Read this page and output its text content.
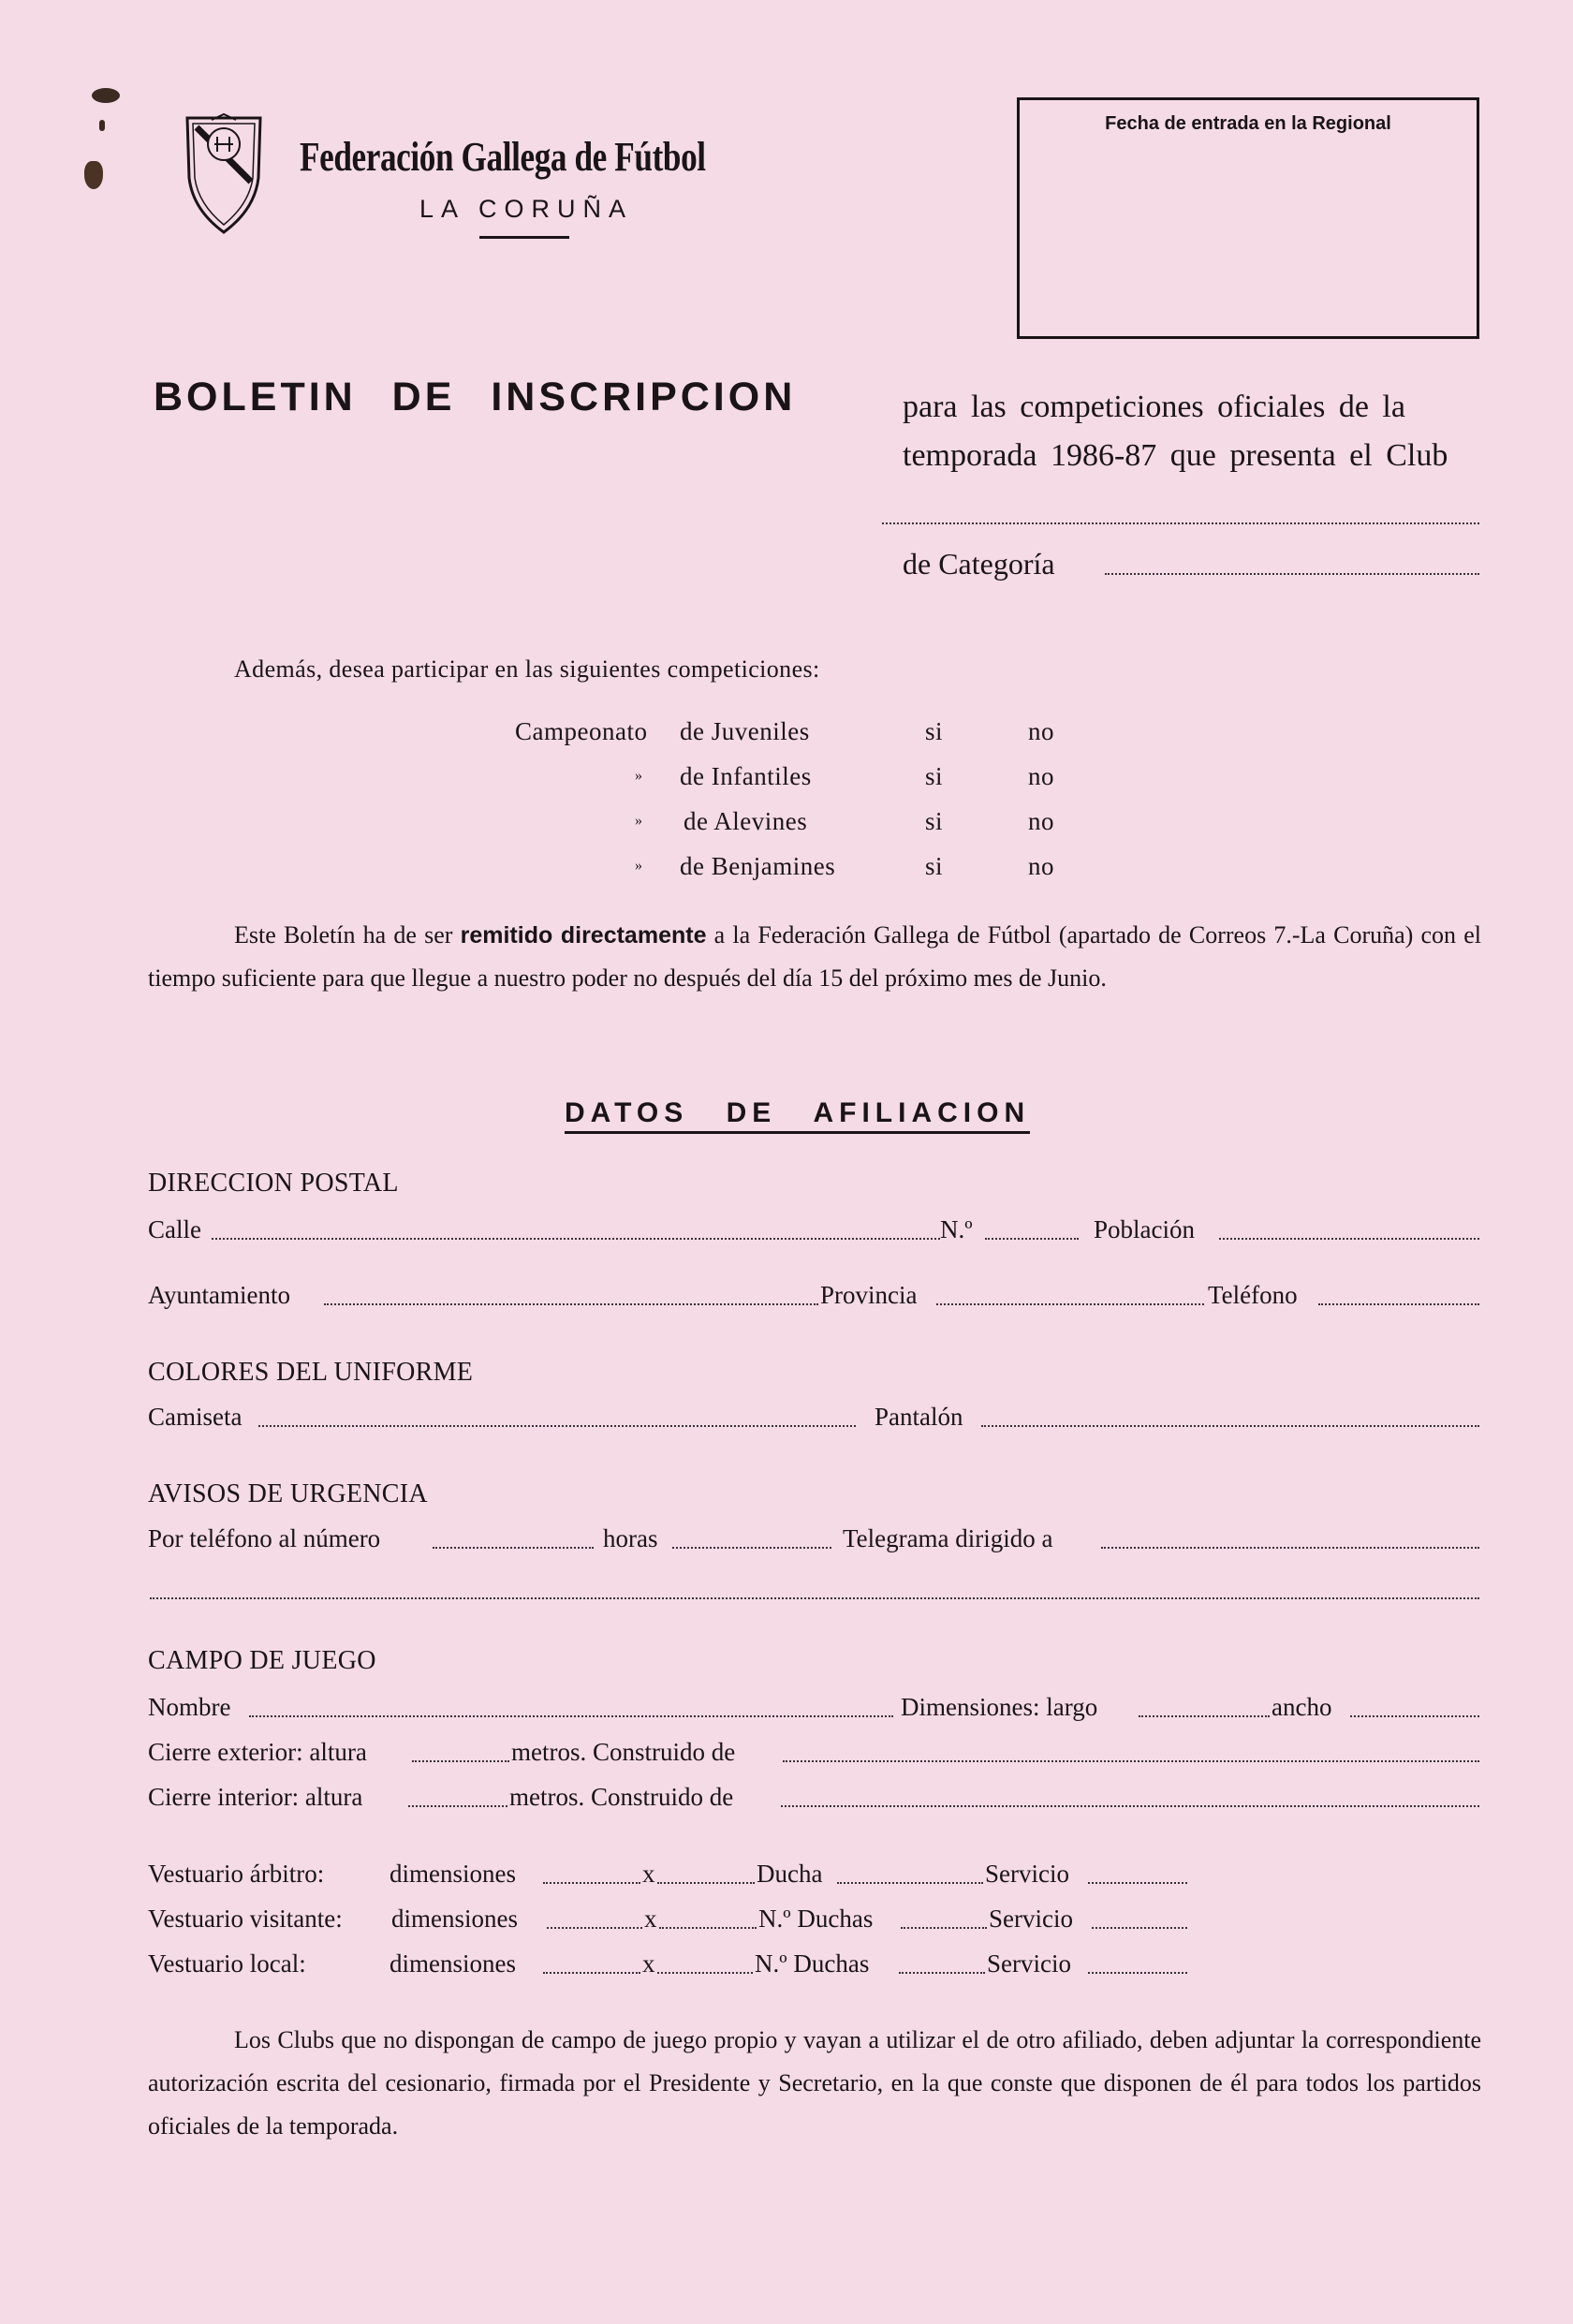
Federación Gallega de Fútbol
LA CORUÑA
Fecha de entrada en la Regional
BOLETIN DE INSCRIPCION	para las competiciones oficiales de la
temporada 1986-87 que presenta el Club
de Categoría
Además, desea participar en las siguientes competiciones:
Campeonato de Juveniles	si	no
» de Infantiles	si	no
» de Alevines	si	no
» de Benjamines	si	no
Este Boletín ha de ser remitido directamente a la Federación Gallega de Fútbol (apartado de Correos 7.-La Coruña) con el tiempo suficiente para que llegue a nuestro poder no después del día 15 del próximo mes de Junio.
DATOS DE AFILIACION
DIRECCION POSTAL
Calle	N.º	Población
Ayuntamiento	Provincia	Teléfono
COLORES DEL UNIFORME
Camiseta	Pantalón
AVISOS DE URGENCIA
Por teléfono al número	horas	Telegrama dirigido a
CAMPO DE JUEGO
Nombre	Dimensiones: largo	ancho
Cierre exterior: altura	metros. Construido de
Cierre interior: altura	metros. Construido de
Vestuario árbitro:	dimensiones	x	Ducha	Servicio
Vestuario visitante: dimensiones	x	N.º Duchas	Servicio
Vestuario local:	dimensiones	x	N.º Duchas	Servicio
Los Clubs que no dispongan de campo de juego propio y vayan a utilizar el de otro afiliado, deben adjuntar la correspondiente autorización escrita del cesionario, firmada por el Presidente y Secretario, en la que conste que disponen de él para todos los partidos oficiales de la temporada.
